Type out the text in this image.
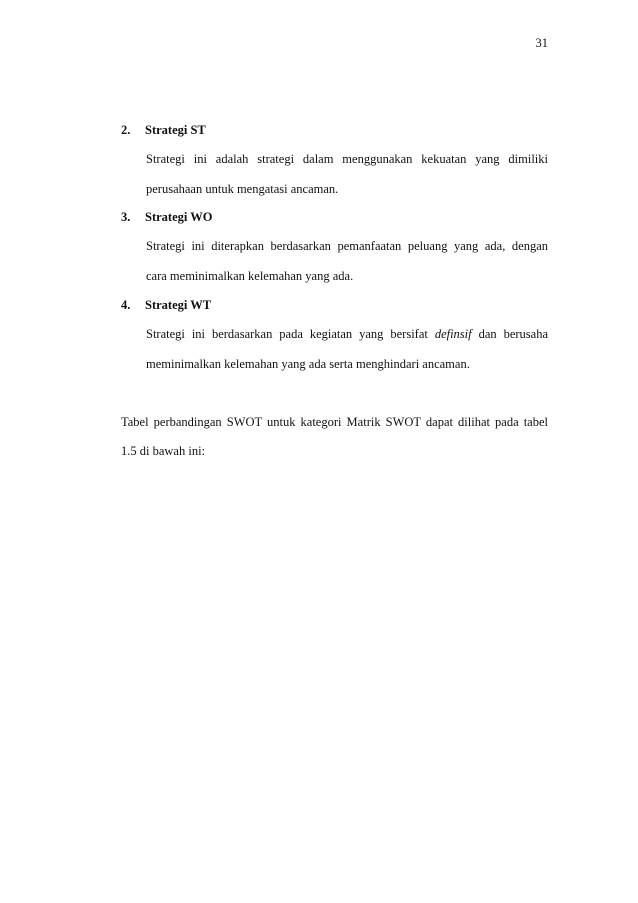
31
2. Strategi ST
Strategi ini adalah strategi dalam menggunakan kekuatan yang dimiliki
perusahaan untuk mengatasi ancaman.
3. Strategi WO
Strategi ini diterapkan berdasarkan pemanfaatan peluang yang ada, dengan
cara meminimalkan kelemahan yang ada.
4. Strategi WT
Strategi ini berdasarkan pada kegiatan yang bersifat definsif dan berusaha
meminimalkan kelemahan yang ada serta menghindari ancaman.
Tabel perbandingan SWOT untuk kategori Matrik SWOT dapat dilihat pada tabel
1.5 di bawah ini:
